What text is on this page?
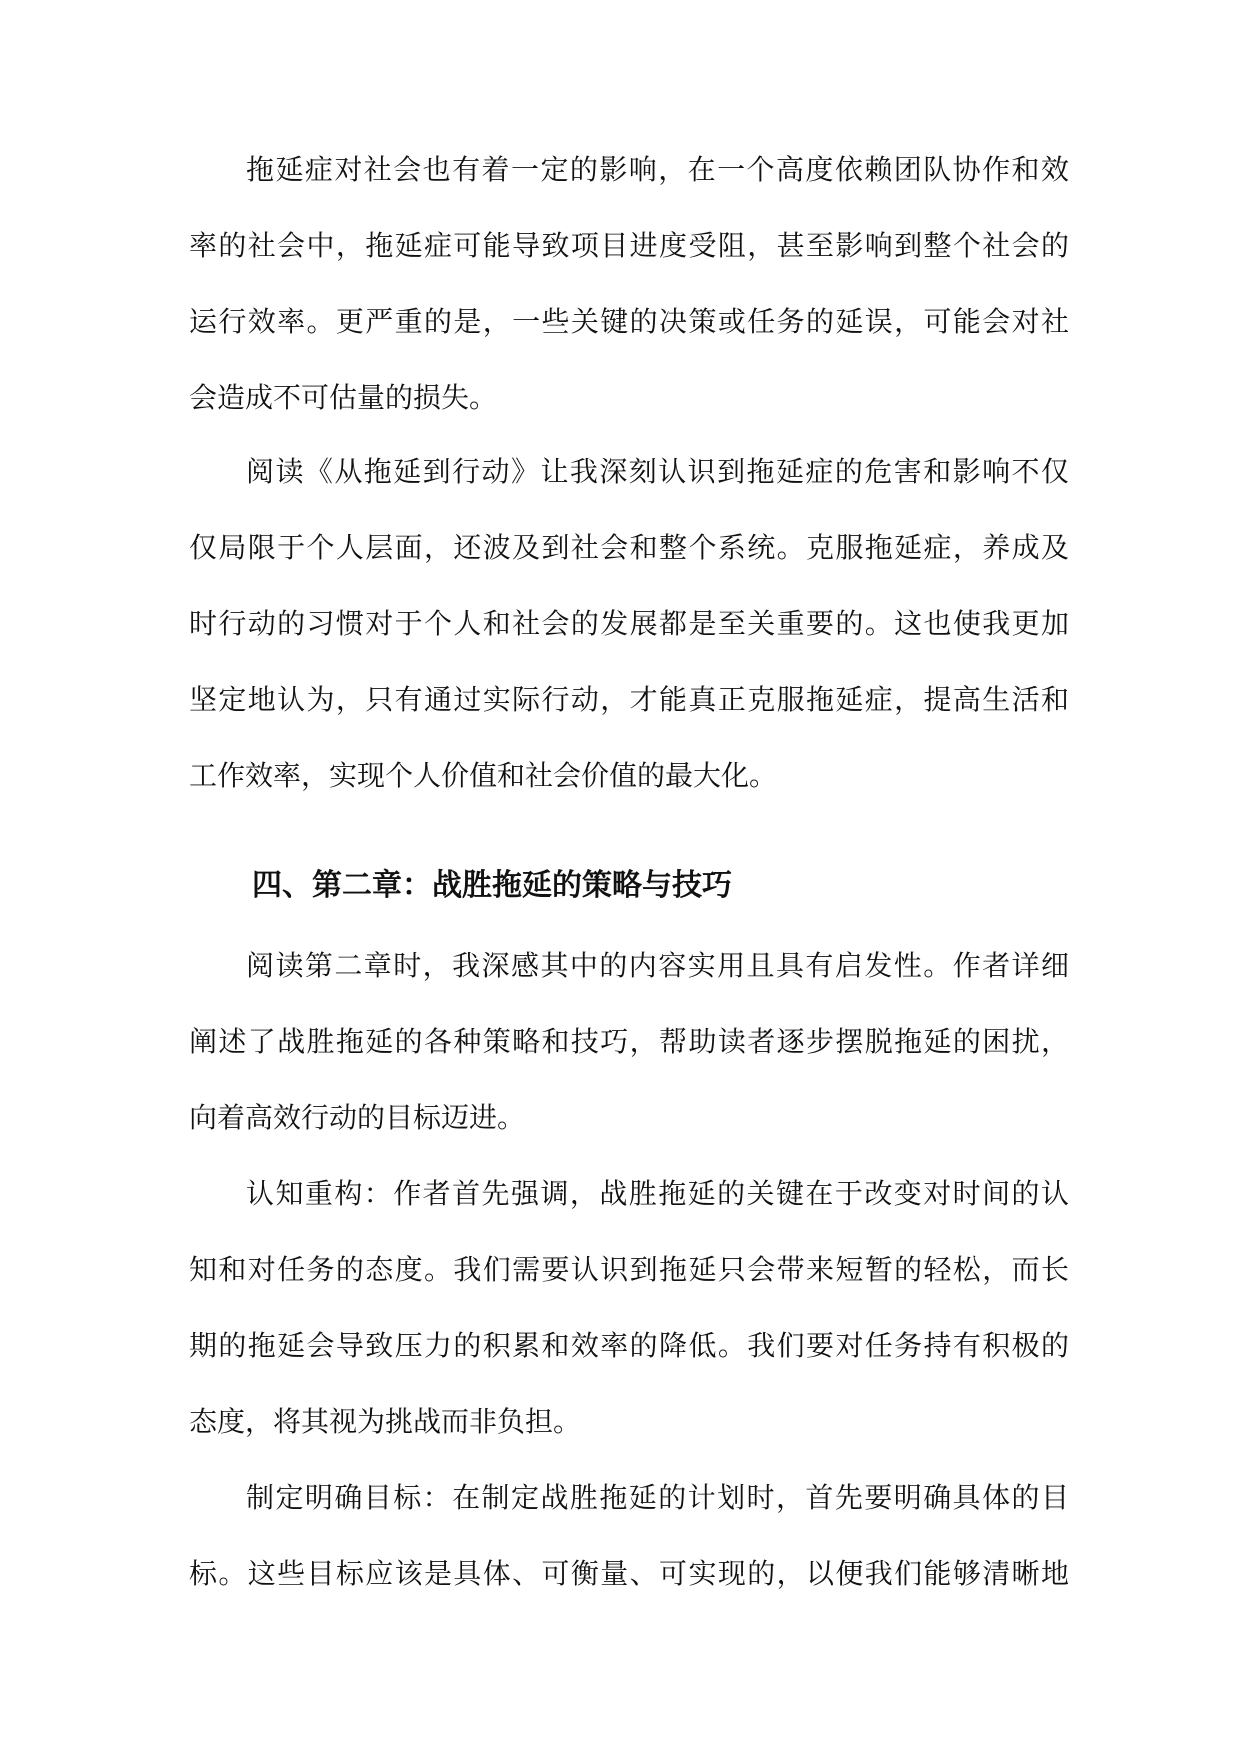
拖延症对社会也有着一定的影响，在一个高度依赖团队协作和效
率的社会中，拖延症可能导致项目进度受阻，甚至影响到整个社会的
运行效率。更严重的是，一些关键的决策或任务的延误，可能会对社
会造成不可估量的损失。
阅读《从拖延到行动》让我深刻认识到拖延症的危害和影响不仅
仅局限于个人层面，还波及到社会和整个系统。克服拖延症，养成及
时行动的习惯对于个人和社会的发展都是至关重要的。这也使我更加
坚定地认为，只有通过实际行动，才能真正克服拖延症，提高生活和
工作效率，实现个人价值和社会价值的最大化。
四、第二章：战胜拖延的策略与技巧
阅读第二章时，我深感其中的内容实用且具有启发性。作者详细
阐述了战胜拖延的各种策略和技巧，帮助读者逐步摆脱拖延的困扰，
向着高效行动的目标迈进。
认知重构：作者首先强调，战胜拖延的关键在于改变对时间的认
知和对任务的态度。我们需要认识到拖延只会带来短暂的轻松，而长
期的拖延会导致压力的积累和效率的降低。我们要对任务持有积极的
态度，将其视为挑战而非负担。
制定明确目标：在制定战胜拖延的计划时，首先要明确具体的目
标。这些目标应该是具体、可衡量、可实现的，以便我们能够清晰地
